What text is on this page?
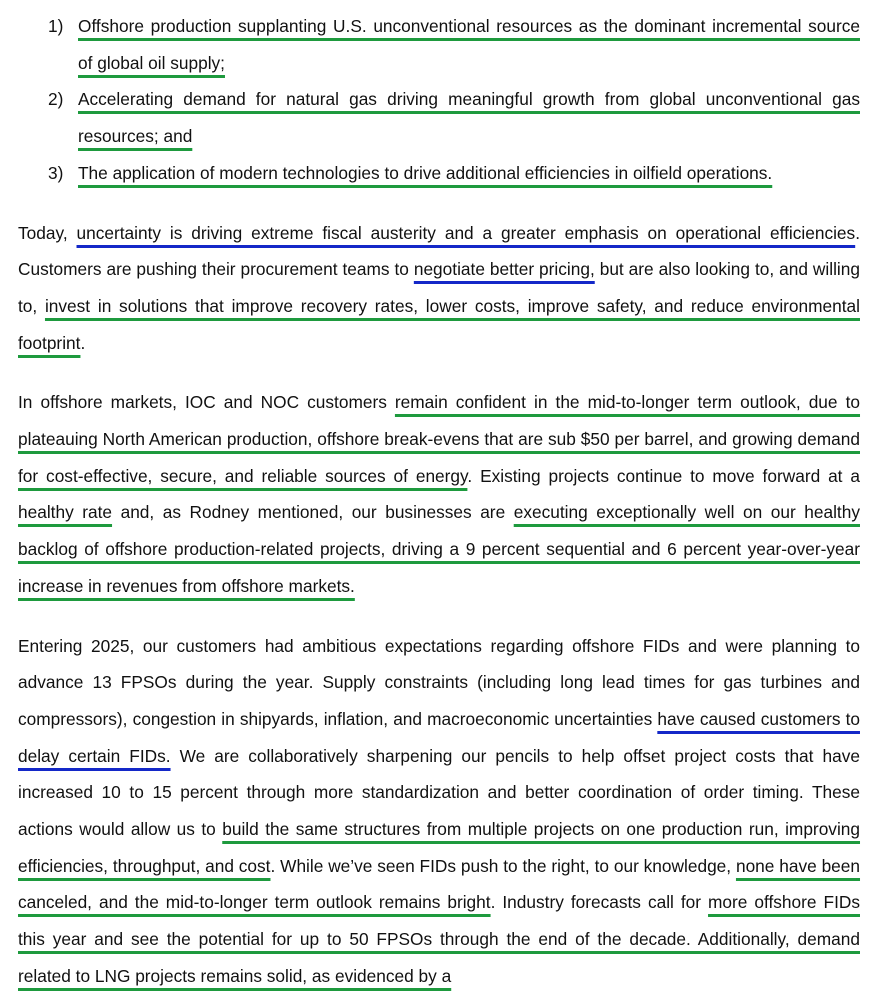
1) Offshore production supplanting U.S. unconventional resources as the dominant incremental source of global oil supply;
2) Accelerating demand for natural gas driving meaningful growth from global unconventional gas resources; and
3) The application of modern technologies to drive additional efficiencies in oilfield operations.

Today, uncertainty is driving extreme fiscal austerity and a greater emphasis on operational efficiencies. Customers are pushing their procurement teams to negotiate better pricing, but are also looking to, and willing to, invest in solutions that improve recovery rates, lower costs, improve safety, and reduce environmental footprint.

In offshore markets, IOC and NOC customers remain confident in the mid-to-longer term outlook, due to plateauing North American production, offshore break-evens that are sub $50 per barrel, and growing demand for cost-effective, secure, and reliable sources of energy. Existing projects continue to move forward at a healthy rate and, as Rodney mentioned, our businesses are executing exceptionally well on our healthy backlog of offshore production-related projects, driving a 9 percent sequential and 6 percent year-over-year increase in revenues from offshore markets.

Entering 2025, our customers had ambitious expectations regarding offshore FIDs and were planning to advance 13 FPSOs during the year. Supply constraints (including long lead times for gas turbines and compressors), congestion in shipyards, inflation, and macroeconomic uncertainties have caused customers to delay certain FIDs. We are collaboratively sharpening our pencils to help offset project costs that have increased 10 to 15 percent through more standardization and better coordination of order timing. These actions would allow us to build the same structures from multiple projects on one production run, improving efficiencies, throughput, and cost. While we’ve seen FIDs push to the right, to our knowledge, none have been canceled, and the mid-to-longer term outlook remains bright. Industry forecasts call for more offshore FIDs this year and see the potential for up to 50 FPSOs through the end of the decade. Additionally, demand related to LNG projects remains solid, as evidenced by a
